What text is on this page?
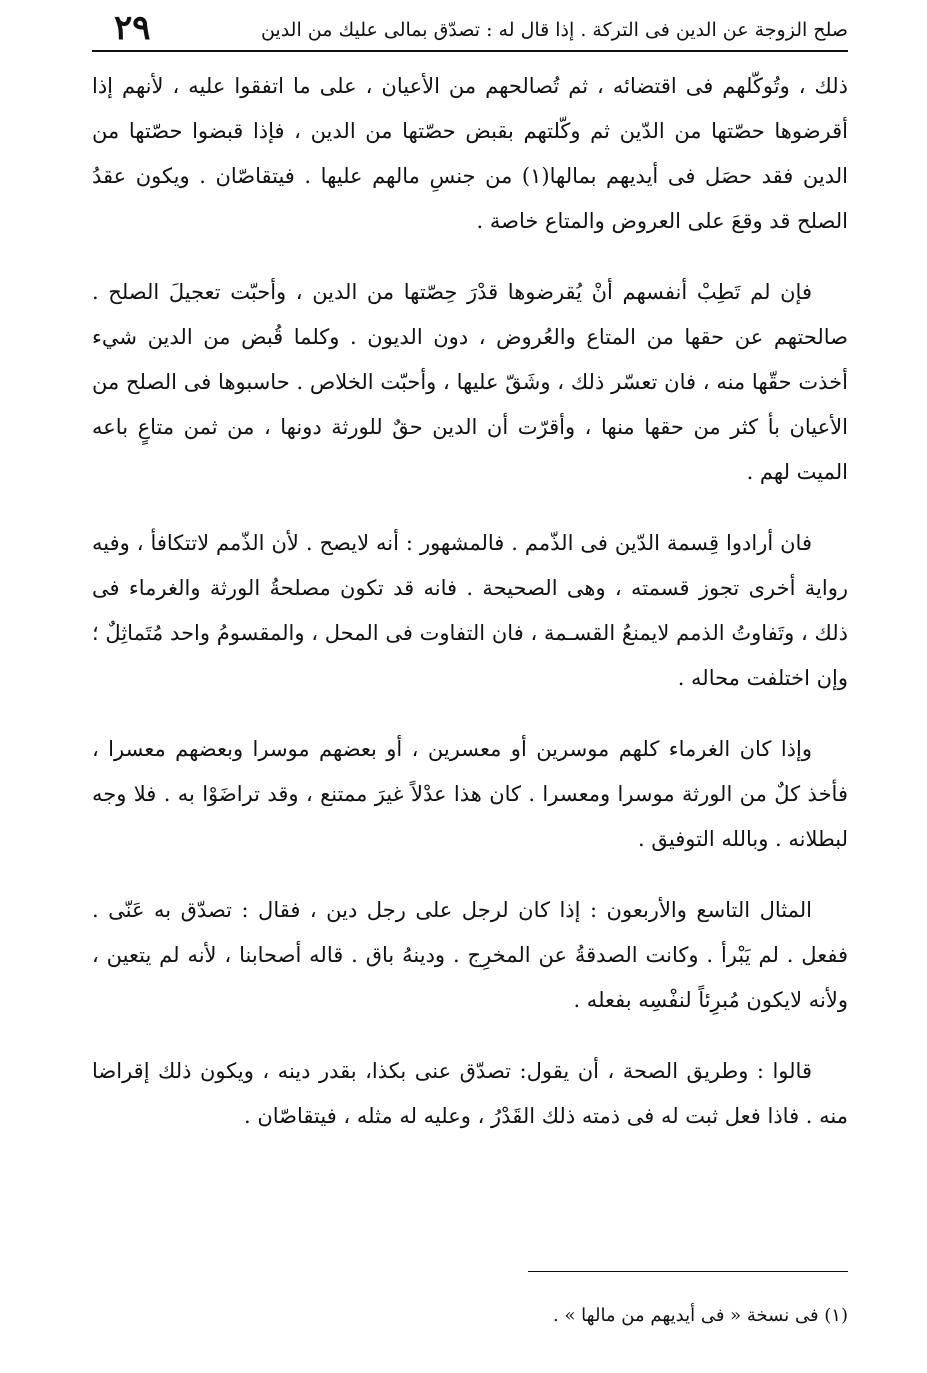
صلح الزوجة عن الدين فى التركة . إذا قال له : تصدّق بمالى عليك من الدين
٢٩

ذلك ، وتُوكّلهم فى اقتضائه ، ثم تُصالحهم من الأعيان ، على ما اتفقوا عليه ، لأنهم إذا أقرضوها حصّتها من الدّين ثم وكّلتهم بقبض حصّتها من الدين ، فإذا قبضوا حصّتها من الدين فقد حصَل فى أيديهم بمالها(١) من جنسِ مالهم عليها . فيتقاصّان . ويكون عقدُ الصلح قد وقعَ على العروض والمتاع خاصة .

فإن لم تَطِبْ أنفسهم أنْ يُقرضوها قدْرَ حِصّتها من الدين ، وأحبّت تعجيلَ الصلح . صالحتهم عن حقها من المتاع والعُروض ، دون الديون . وكلما قُبض من الدين شيء أخذت حقّها منه ، فان تعسّر ذلك ، وشَقّ عليها ، وأحبّت الخلاص . حاسبوها فى الصلح من الأعيان بأ كثر من حقها منها ، وأقرّت أن الدين حقٌ للورثة دونها ، من ثمن متاعٍ باعه الميت لهم .

فان أرادوا قِسمة الدّين فى الذّمم . فالمشهور : أنه لايصح . لأن الذّمم لاتتكافأ ، وفيه رواية أخرى تجوز قسمته ، وهى الصحيحة . فانه قد تكون مصلحةُ الورثة والغرماء فى ذلك ، وتَفاوتُ الذمم لايمنعُ القسـمة ، فان التفاوت فى المحل ، والمقسومُ واحد مُتَماثِلٌ ؛ وإن اختلفت محاله .

وإذا كان الغرماء كلهم موسرين أو معسرين ، أو بعضهم موسرا وبعضهم معسرا ، فأخذ كلٌ من الورثة موسرا ومعسرا . كان هذا عدْلاً غيرَ ممتنع ، وقد تراضَوْا به . فلا وجه لبطلانه . وبالله التوفيق .

المثال التاسع والأربعون : إذا كان لرجل على رجل دين ، فقال : تصدّق به عَنّى . ففعل . لم يَبْرأ . وكانت الصدقةُ عن المخرِج . ودينهُ باق . قاله أصحابنا ، لأنه لم يتعين ، ولأنه لايكون مُبرِئاً لنفْسِه بفعله .

قالوا : وطريق الصحة ، أن يقول: تصدّق عنى بكذا، بقدر دينه ، ويكون ذلك إقراضا منه . فاذا فعل ثبت له فى ذمته ذلك القَدْرُ ، وعليه له مثله ، فيتقاصّان .

(١) فى نسخة « فى أيديهم من مالها » .
